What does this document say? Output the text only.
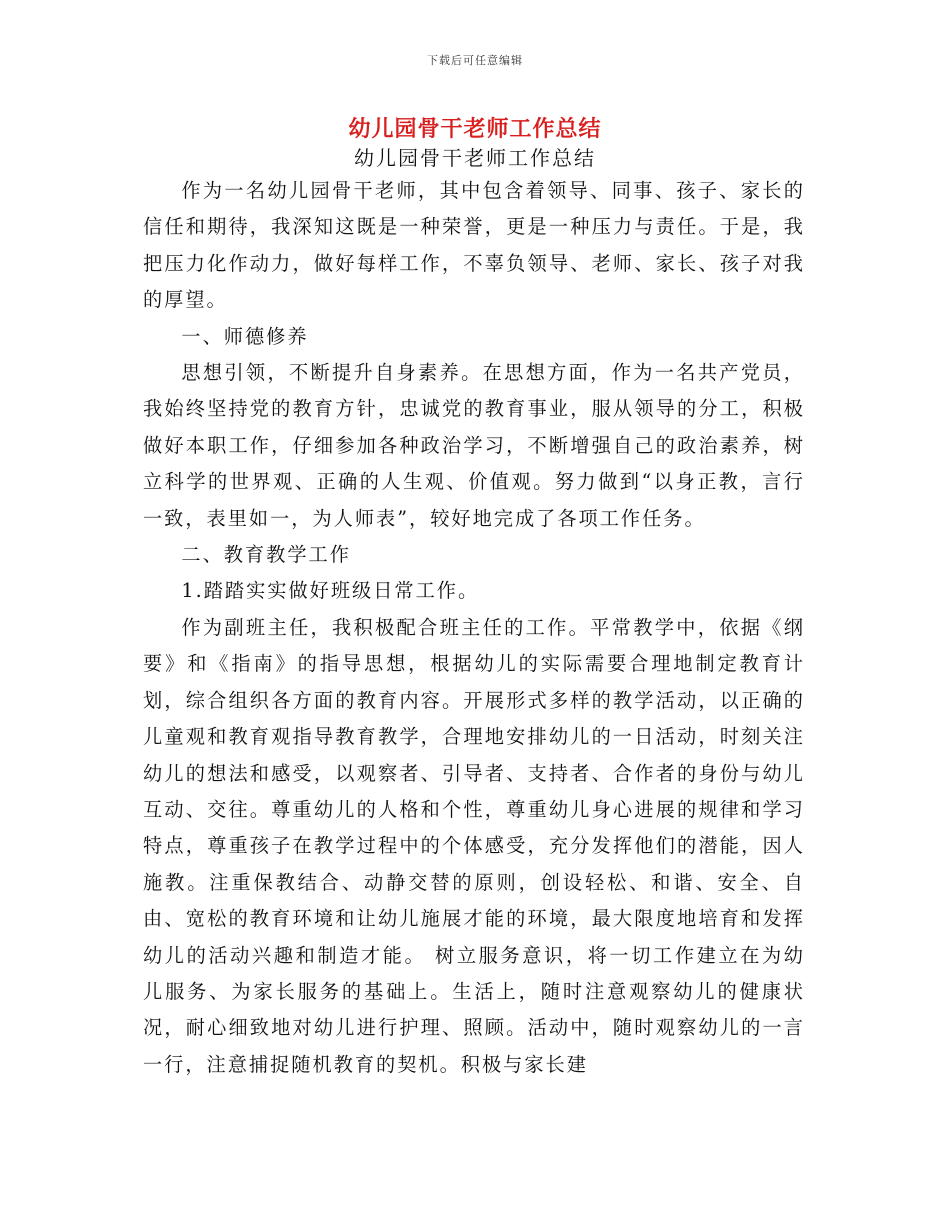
下载后可任意编辑
幼儿园骨干老师工作总结
幼儿园骨干老师工作总结

作为一名幼儿园骨干老师，其中包含着领导、同事、孩子、家长的信任和期待，我深知这既是一种荣誉，更是一种压力与责任。于是，我把压力化作动力，做好每样工作，不辜负领导、老师、家长、孩子对我的厚望。

一、师德修养

思想引领，不断提升自身素养。在思想方面，作为一名共产党员，我始终坚持党的教育方针，忠诚党的教育事业，服从领导的分工，积极做好本职工作，仔细参加各种政治学习，不断增强自己的政治素养，树立科学的世界观、正确的人生观、价值观。努力做到“以身正教，言行一致，表里如一，为人师表”，较好地完成了各项工作任务。

二、教育教学工作

1.踏踏实实做好班级日常工作。

作为副班主任，我积极配合班主任的工作。平常教学中，依据《纲要》和《指南》的指导思想，根据幼儿的实际需要合理地制定教育计划，综合组织各方面的教育内容。开展形式多样的教学活动，以正确的儿童观和教育观指导教育教学，合理地安排幼儿的一日活动，时刻关注幼儿的想法和感受，以观察者、引导者、支持者、合作者的身份与幼儿互动、交往。尊重幼儿的人格和个性，尊重幼儿身心进展的规律和学习特点，尊重孩子在教学过程中的个体感受，充分发挥他们的潜能，因人施教。注重保教结合、动静交替的原则，创设轻松、和谐、安全、自由、宽松的教育环境和让幼儿施展才能的环境，最大限度地培育和发挥幼儿的活动兴趣和制造才能。 树立服务意识，将一切工作建立在为幼儿服务、为家长服务的基础上。生活上，随时注意观察幼儿的健康状况，耐心细致地对幼儿进行护理、照顾。活动中，随时观察幼儿的一言一行，注意捕捉随机教育的契机。积极与家长建
